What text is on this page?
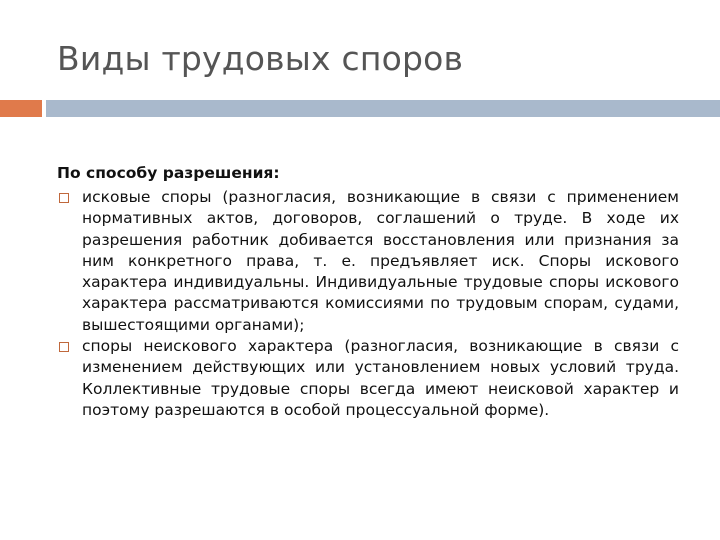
Виды трудовых споров
По способу разрешения:
исковые споры (разногласия, возникающие в связи с применением нормативных актов, договоров, соглашений о труде. В ходе их разрешения работник добивается восстановления или признания за ним конкретного права, т. е. предъявляет иск. Споры искового характера индивидуальны. Индивидуальные трудовые споры искового характера рассматриваются комиссиями по трудовым спорам, судами, вышестоящими органами);
споры неискового характера (разногласия, возникающие в связи с изменением действующих или установлением новых условий труда. Коллективные трудовые споры всегда имеют неисковой характер и поэтому разрешаются в особой процессуальной форме).
